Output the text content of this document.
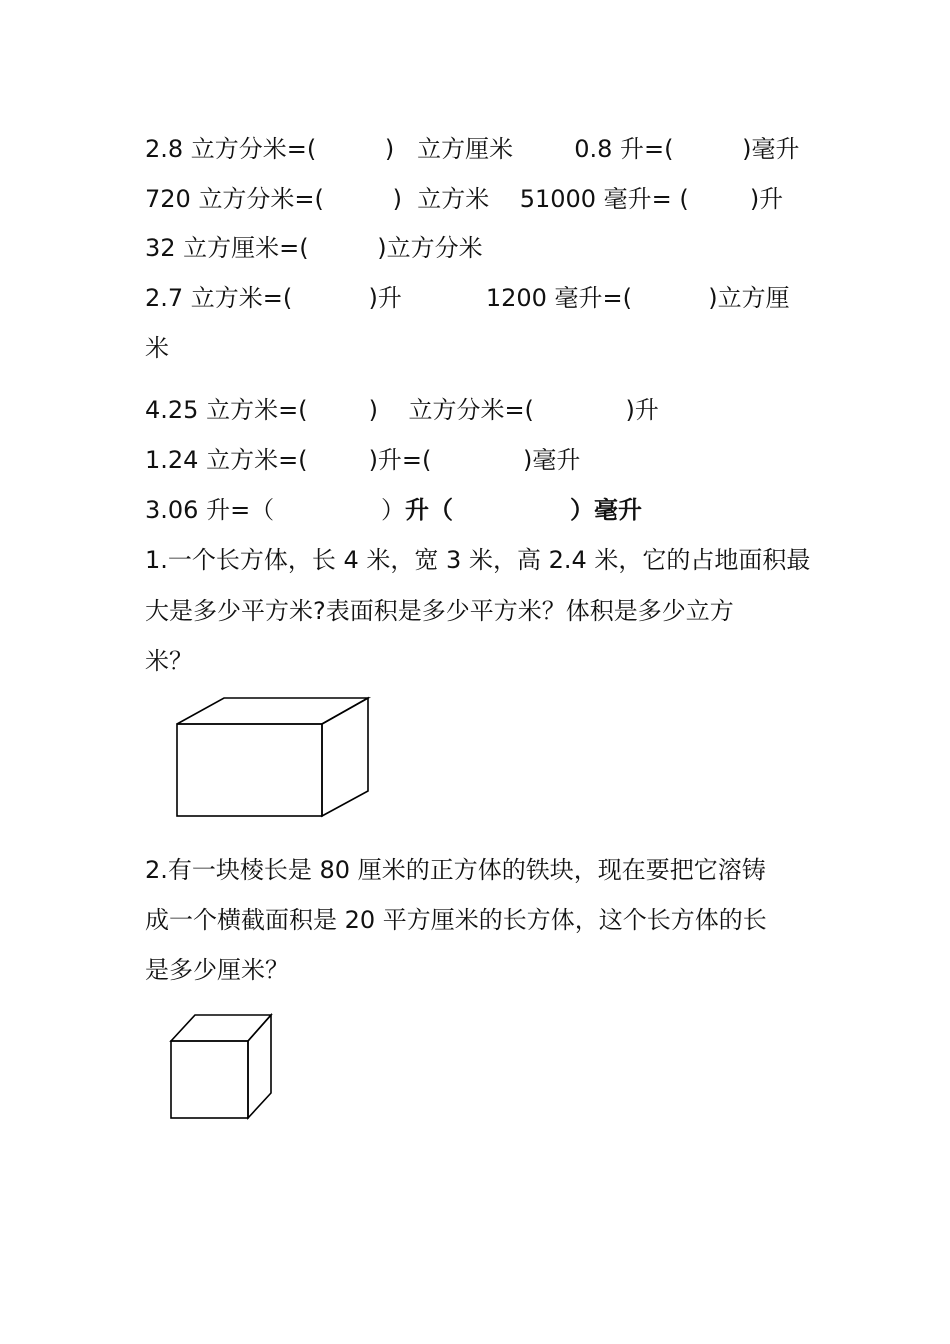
2.8 立方分米=(         )   立方厘米        0.8 升=(         )毫升
720 立方分米=(         )  立方米    51000 毫升= (        )升
32 立方厘米=(         )立方分米
2.7 立方米=(          )升           1200 毫升=(          )立方厘
米
4.25 立方米=(        )    立方分米=(            )升
1.24 立方米=(        )升=(            )毫升
3.06 升=（              ）升（              ）毫升
1.一个长方体，长 4 米，宽 3 米，高 2.4 米，它的占地面积最
大是多少平方米?表面积是多少平方米？体积是多少立方
米？
2.有一块棱长是 80 厘米的正方体的铁块，现在要把它溶铸
成一个横截面积是 20 平方厘米的长方体，这个长方体的长
是多少厘米？
